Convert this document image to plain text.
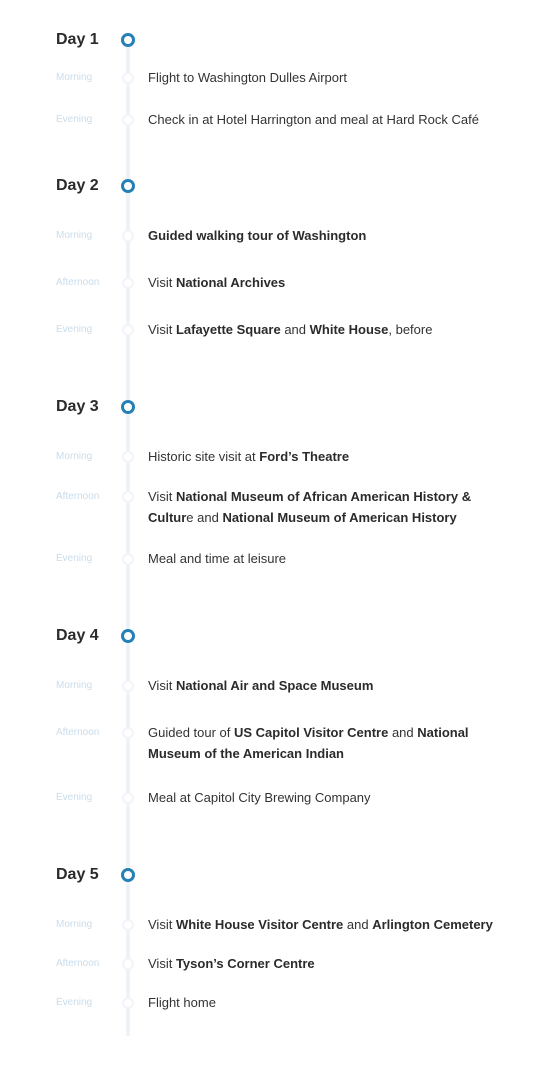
Day 1
Morning	Flight to Washington Dulles Airport
Evening	Check in at Hotel Harrington and meal at Hard Rock Café
Day 2
Morning	Guided walking tour of Washington
Afternoon	Visit National Archives
Evening	Visit Lafayette Square and White House, before
Day 3
Morning	Historic site visit at Ford’s Theatre
Afternoon	Visit National Museum of African American History & Culture and National Museum of American History
Evening	Meal and time at leisure
Day 4
Morning	Visit National Air and Space Museum
Afternoon	Guided tour of US Capitol Visitor Centre and National Museum of the American Indian
Evening	Meal at Capitol City Brewing Company
Day 5
Morning	Visit White House Visitor Centre and Arlington Cemetery
Afternoon	Visit Tyson’s Corner Centre
Evening	Flight home
